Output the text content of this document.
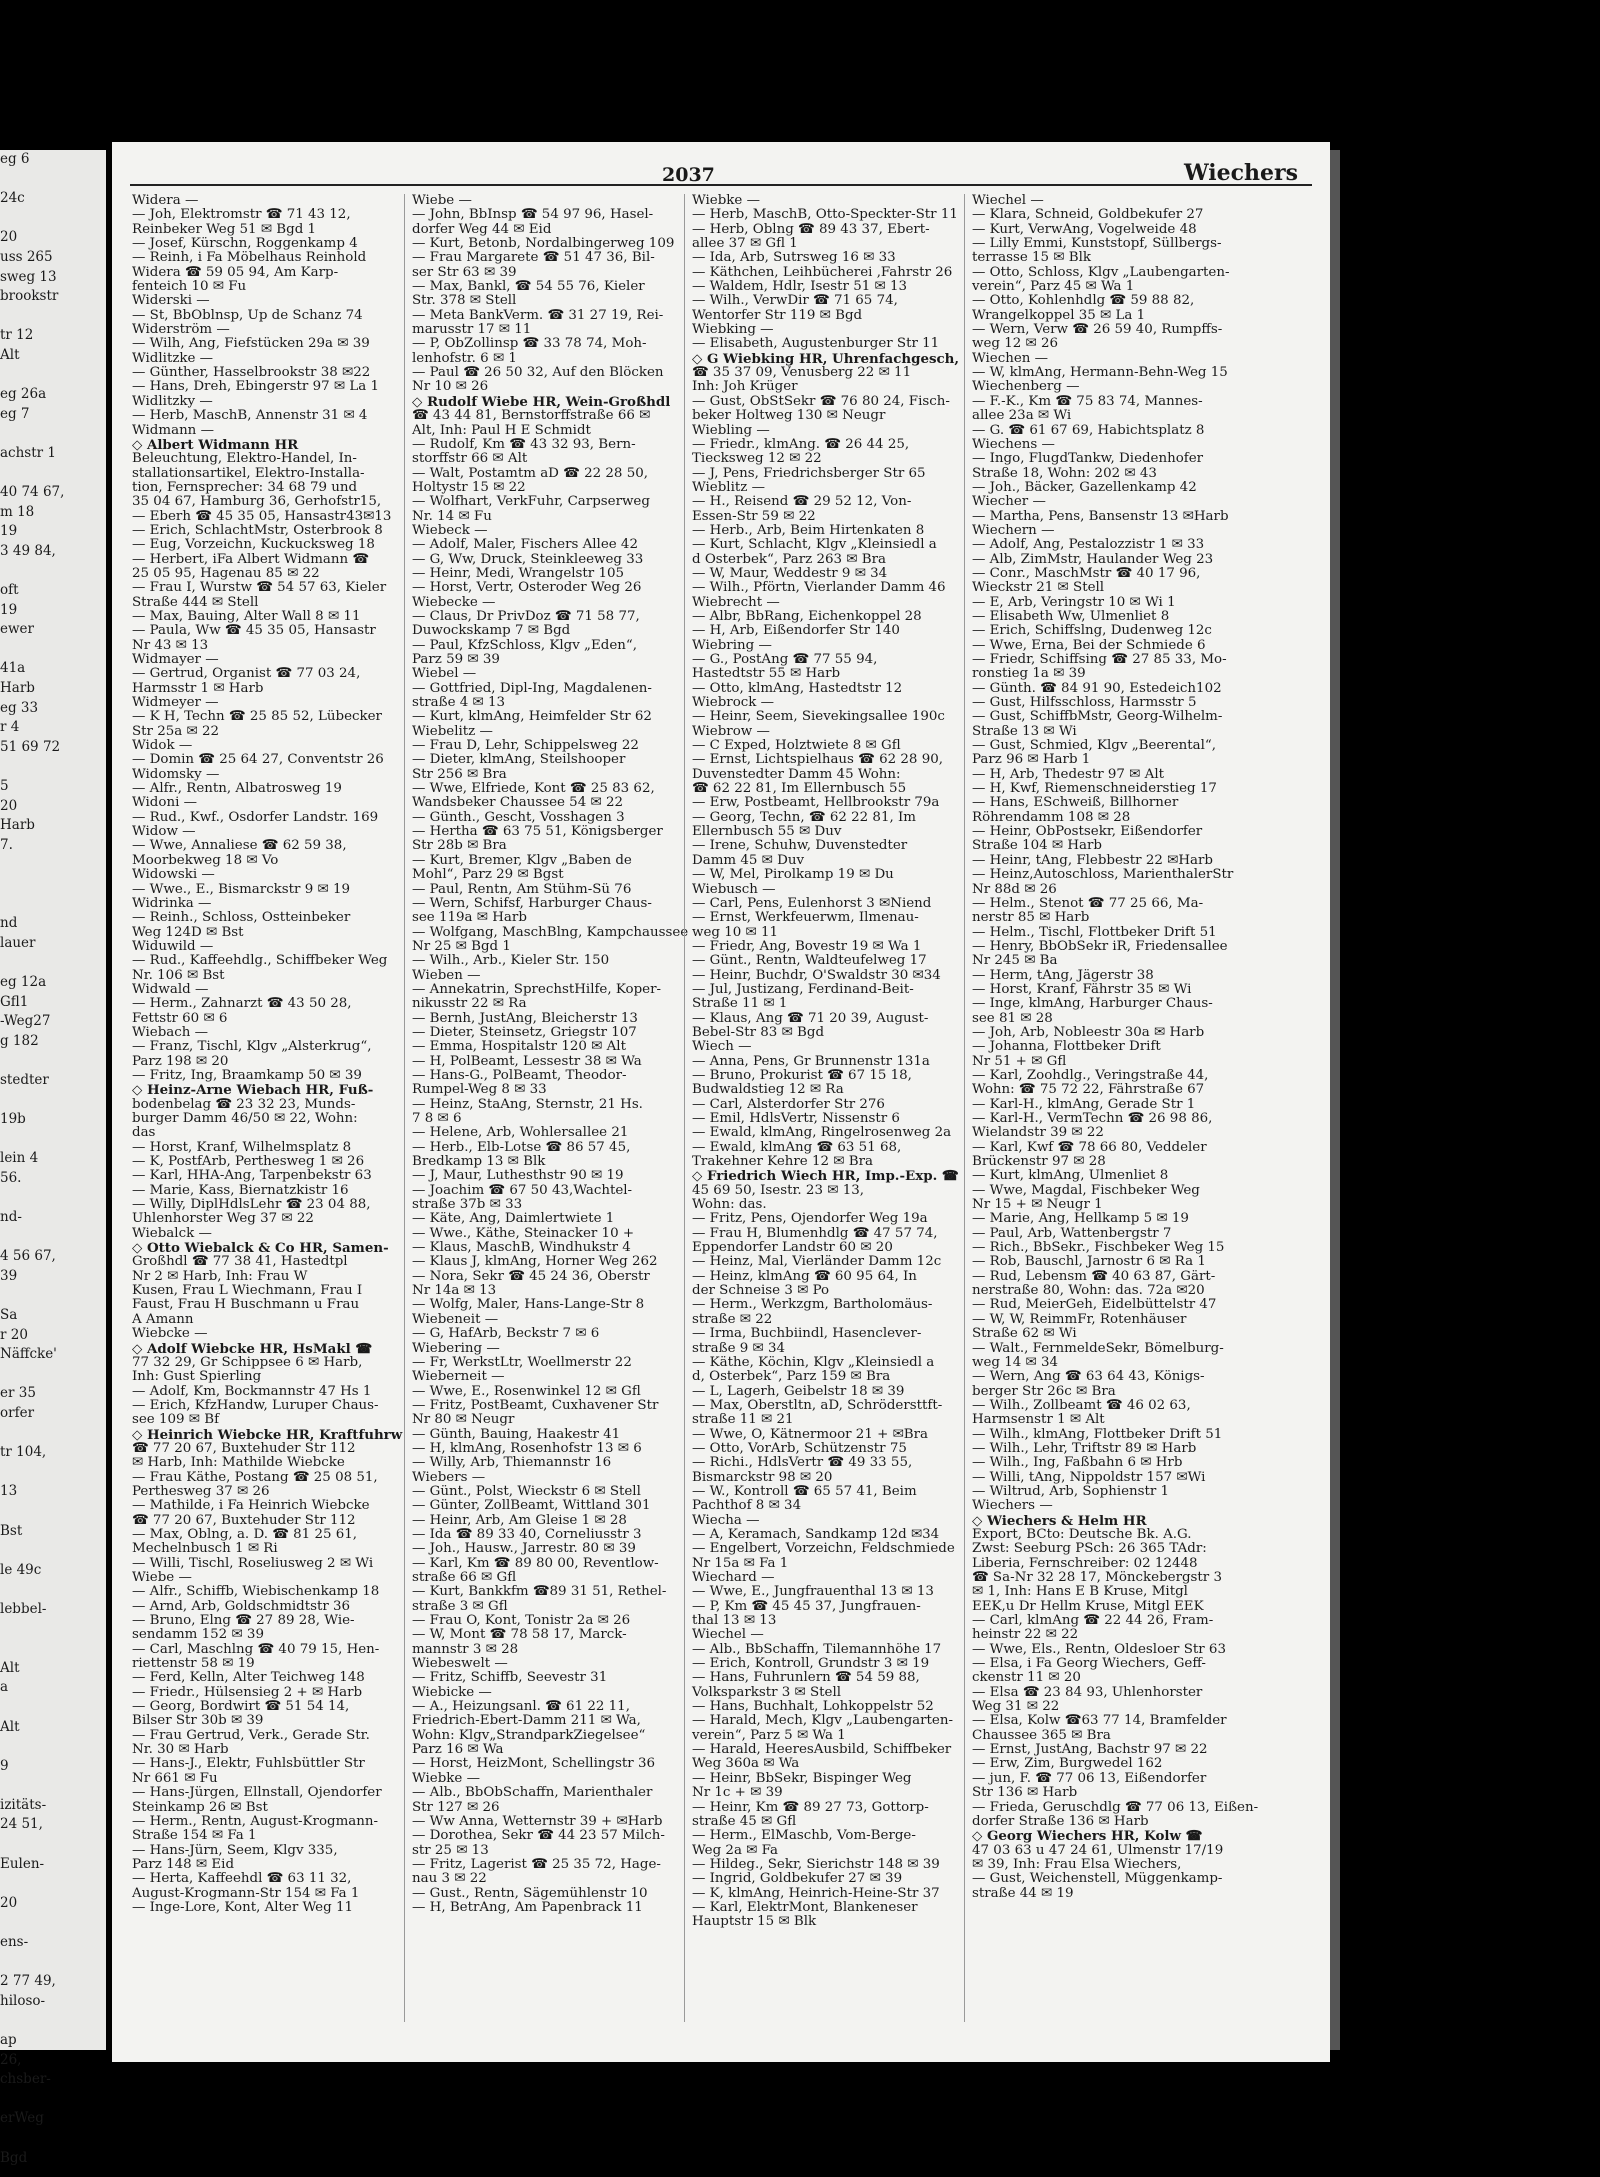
eg 6

24c

20
uss 265
sweg 13
brookstr

tr 12
Alt

eg 26a
eg 7

achstr 1

40 74 67,
m 18
19
3 49 84,

oft
19
ewer

41a
Harb
eg 33
r 4
51 69 72

5
20
Harb
7.

nd
lauer

eg 12a
Gfl1
-Weg27
g 182

stedter

19b

lein 4
56.

nd-

4 56 67,
39

Sa
r 20
Näffcke'

er 35
orfer

tr 104,

13

Bst

le 49c

lebbel-

Alt
a

Alt

9

izitäts-
24 51,

Eulen-

20

ens-

2 77 49,
hiloso-

ap
26,
chsber-

erWeg

Bgd
2037	Wiechers
Widera —
— Joh, Elektromstr ☎ 71 43 12,
Reinbeker Weg 51 ✉ Bgd 1
— Josef, Kürschn, Roggenkamp 4
— Reinh, i Fa Möbelhaus Reinhold
Widera ☎ 59 05 94, Am Karp-
fenteich 10 ✉ Fu
Widerski —
— St, BbOblnsp, Up de Schanz 74
Widerström —
— Wilh, Ang, Fiefstücken 29a ✉ 39
Widlitzke —
— Günther, Hasselbrookstr 38 ✉22
— Hans, Dreh, Ebingerstr 97 ✉ La 1
Widlitzky —
— Herb, MaschB, Annenstr 31 ✉ 4
Widmann —
◇ Albert Widmann HR
Beleuchtung, Elektro-Handel, In-
stallationsartikel, Elektro-Installa-
tion, Fernsprecher: 34 68 79 und
35 04 67, Hamburg 36, Gerhofstr15,
— Eberh ☎ 45 35 05, Hansastr43✉13
— Erich, SchlachtMstr, Osterbrook 8
— Eug, Vorzeichn, Kuckucksweg 18
— Herbert, iFa Albert Widmann ☎
25 05 95, Hagenau 85 ✉ 22
— Frau I, Wurstw ☎ 54 57 63, Kieler
Straße 444 ✉ Stell
— Max, Bauing, Alter Wall 8 ✉ 11
— Paula, Ww ☎ 45 35 05, Hansastr
Nr 43 ✉ 13
Widmayer —
— Gertrud, Organist ☎ 77 03 24,
Harmsstr 1 ✉ Harb
Widmeyer —
— K H, Techn ☎ 25 85 52, Lübecker
Str 25a ✉ 22
Widok —
— Domin ☎ 25 64 27, Conventstr 26
Widomsky —
— Alfr., Rentn, Albatrosweg 19
Widoni —
— Rud., Kwf., Osdorfer Landstr. 169
Widow —
— Wwe, Annaliese ☎ 62 59 38,
Moorbekweg 18 ✉ Vo
Widowski —
— Wwe., E., Bismarckstr 9 ✉ 19
Widrinka —
— Reinh., Schloss, Ostteinbeker
Weg 124D ✉ Bst
Widuwild —
— Rud., Kaffeehdlg., Schiffbeker Weg
Nr. 106 ✉ Bst
Widwald —
— Herm., Zahnarzt ☎ 43 50 28,
Fettstr 60 ✉ 6
Wiebach —
— Franz, Tischl, Klgv „Alsterkrug“,
Parz 198 ✉ 20
— Fritz, Ing, Braamkamp 50 ✉ 39
◇ Heinz-Arne Wiebach HR, Fuß-
bodenbelag ☎ 23 32 23, Munds-
burger Damm 46/50 ✉ 22, Wohn:
das
— Horst, Kranf, Wilhelmsplatz 8
— K, PostfArb, Perthesweg 1 ✉ 26
— Karl, HHA-Ang, Tarpenbekstr 63
— Marie, Kass, Biernatzkistr 16
— Willy, DiplHdlsLehr ☎ 23 04 88,
Uhlenhorster Weg 37 ✉ 22
Wiebalck —
◇ Otto Wiebalck & Co HR, Samen-
Großhdl ☎ 77 38 41, Hastedtpl
Nr 2 ✉ Harb, Inh: Frau W
Kusen, Frau L Wiechmann, Frau I
Faust, Frau H Buschmann u Frau
A Amann
Wiebcke —
◇ Adolf Wiebcke HR, HsMakl ☎
77 32 29, Gr Schippsee 6 ✉ Harb,
Inh: Gust Spierling
— Adolf, Km, Bockmannstr 47 Hs 1
— Erich, KfzHandw, Luruper Chaus-
see 109 ✉ Bf
◇ Heinrich Wiebcke HR, Kraftfuhrw
☎ 77 20 67, Buxtehuder Str 112
✉ Harb, Inh: Mathilde Wiebcke
— Frau Käthe, Postang ☎ 25 08 51,
Perthesweg 37 ✉ 26
— Mathilde, i Fa Heinrich Wiebcke
☎ 77 20 67, Buxtehuder Str 112
— Max, Oblng, a. D. ☎ 81 25 61,
Mechelnbusch 1 ✉ Ri
— Willi, Tischl, Roseliusweg 2 ✉ Wi
Wiebe —
— Alfr., Schiffb, Wiebischenkamp 18
— Arnd, Arb, Goldschmidtstr 36
— Bruno, Elng ☎ 27 89 28, Wie-
sendamm 152 ✉ 39
— Carl, Maschlng ☎ 40 79 15, Hen-
riettenstr 58 ✉ 19
— Ferd, Kelln, Alter Teichweg 148
— Friedr., Hülsensieg 2 + ✉ Harb
— Georg, Bordwirt ☎ 51 54 14,
Bilser Str 30b ✉ 39
— Frau Gertrud, Verk., Gerade Str.
Nr. 30 ✉ Harb
— Hans-J., Elektr, Fuhlsbüttler Str
Nr 661 ✉ Fu
— Hans-Jürgen, Ellnstall, Ojendorfer
Steinkamp 26 ✉ Bst
— Herm., Rentn, August-Krogmann-
Straße 154 ✉ Fa 1
— Hans-Jürn, Seem, Klgv 335,
Parz 148 ✉ Eid
— Herta, Kaffeehdl ☎ 63 11 32,
August-Krogmann-Str 154 ✉ Fa 1
— Inge-Lore, Kont, Alter Weg 11
Wiebe —
— John, BbInsp ☎ 54 97 96, Hasel-
dorfer Weg 44 ✉ Eid
— Kurt, Betonb, Nordalbingerweg 109
— Frau Margarete ☎ 51 47 36, Bil-
ser Str 63 ✉ 39
— Max, Bankl, ☎ 54 55 76, Kieler
Str. 378 ✉ Stell
— Meta BankVerm. ☎ 31 27 19, Rei-
marusstr 17 ✉ 11
— P, ObZollinsp ☎ 33 78 74, Moh-
lenhofstr. 6 ✉ 1
— Paul ☎ 26 50 32, Auf den Blöcken
Nr 10 ✉ 26
◇ Rudolf Wiebe HR, Wein-Großhdl
☎ 43 44 81, Bernstorffstraße 66 ✉
Alt, Inh: Paul H E Schmidt
— Rudolf, Km ☎ 43 32 93, Bern-
storffstr 66 ✉ Alt
— Walt, Postamtm aD ☎ 22 28 50,
Holtystr 15 ✉ 22
— Wolfhart, VerkFuhr, Carpserweg
Nr. 14 ✉ Fu
Wiebeck —
— Adolf, Maler, Fischers Allee 42
— G, Ww, Druck, Steinkleeweg 33
— Heinr, Medi, Wrangelstr 105
— Horst, Vertr, Osteroder Weg 26
Wiebecke —
— Claus, Dr PrivDoz ☎ 71 58 77,
Duwockskamp 7 ✉ Bgd
— Paul, KfzSchloss, Klgv „Eden“,
Parz 59 ✉ 39
Wiebel —
— Gottfried, Dipl-Ing, Magdalenen-
straße 4 ✉ 13
— Kurt, klmAng, Heimfelder Str 62
Wiebelitz —
— Frau D, Lehr, Schippelsweg 22
— Dieter, klmAng, Steilshooper
Str 256 ✉ Bra
— Wwe, Elfriede, Kont ☎ 25 83 62,
Wandsbeker Chaussee 54 ✉ 22
— Günth., Gescht, Vosshagen 3
— Hertha ☎ 63 75 51, Königsberger
Str 28b ✉ Bra
— Kurt, Bremer, Klgv „Baben de
Mohl“, Parz 29 ✉ Bgst
— Paul, Rentn, Am Stühm-Sü 76
— Wern, Schifsf, Harburger Chaus-
see 119a ✉ Harb
— Wolfgang, MaschBlng, Kampchaussee
Nr 25 ✉ Bgd 1
— Wilh., Arb., Kieler Str. 150
Wieben —
— Annekatrin, SprechstHilfe, Koper-
nikusstr 22 ✉ Ra
— Bernh, JustAng, Bleicherstr 13
— Dieter, Steinsetz, Griegstr 107
— Emma, Hospitalstr 120 ✉ Alt
— H, PolBeamt, Lessestr 38 ✉ Wa
— Hans-G., PolBeamt, Theodor-
Rumpel-Weg 8 ✉ 33
— Heinz, StaAng, Sternstr, 21 Hs.
7 8 ✉ 6
— Helene, Arb, Wohlersallee 21
— Herb., Elb-Lotse ☎ 86 57 45,
Bredkamp 13 ✉ Blk
— J, Maur, Luthesthstr 90 ✉ 19
— Joachim ☎ 67 50 43,Wachtel-
straße 37b ✉ 33
— Käte, Ang, Daimlertwiete 1
— Wwe., Käthe, Steinacker 10 +
— Klaus, MaschB, Windhukstr 4
— Klaus J, klmAng, Horner Weg 262
— Nora, Sekr ☎ 45 24 36, Oberstr
Nr 14a ✉ 13
— Wolfg, Maler, Hans-Lange-Str 8
Wiebeneit —
— G, HafArb, Beckstr 7 ✉ 6
Wiebering —
— Fr, WerkstLtr, Woellmerstr 22
Wieberneit —
— Wwe, E., Rosenwinkel 12 ✉ Gfl
— Fritz, PostBeamt, Cuxhavener Str
Nr 80 ✉ Neugr
— Günth, Bauing, Haakestr 41
— H, klmAng, Rosenhofstr 13 ✉ 6
— Willy, Arb, Thiemannstr 16
Wiebers —
— Günt., Polst, Wieckstr 6 ✉ Stell
— Günter, ZollBeamt, Wittland 301
— Heinr, Arb, Am Gleise 1 ✉ 28
— Ida ☎ 89 33 40, Corneliusstr 3
— Joh., Hausw., Jarrestr. 80 ✉ 39
— Karl, Km ☎ 89 80 00, Reventlow-
straße 66 ✉ Gfl
— Kurt, Bankkfm ☎89 31 51, Rethel-
straße 3 ✉ Gfl
— Frau O, Kont, Tonistr 2a ✉ 26
— W, Mont ☎ 78 58 17, Marck-
mannstr 3 ✉ 28
Wiebeswelt —
— Fritz, Schiffb, Seevestr 31
Wiebicke —
— A., Heizungsanl. ☎ 61 22 11,
Friedrich-Ebert-Damm 211 ✉ Wa,
Wohn: Klgv„StrandparkZiegelsee“
Parz 16 ✉ Wa
— Horst, HeizMont, Schellingstr 36
Wiebke —
— Alb., BbObSchaffn, Marienthaler
Str 127 ✉ 26
— Ww Anna, Wetternstr 39 + ✉Harb
— Dorothea, Sekr ☎ 44 23 57 Milch-
str 25 ✉ 13
— Fritz, Lagerist ☎ 25 35 72, Hage-
nau 3 ✉ 22
— Gust., Rentn, Sägemühlenstr 10
— H, BetrAng, Am Papenbrack 11
Wiebke —
— Herb, MaschB, Otto-Speckter-Str 11
— Herb, Oblng ☎ 89 43 37, Ebert-
allee 37 ✉ Gfl 1
— Ida, Arb, Sutrsweg 16 ✉ 33
— Käthchen, Leihbücherei ‚Fahrstr 26
— Waldem, Hdlr, Isestr 51 ✉ 13
— Wilh., VerwDir ☎ 71 65 74,
Wentorfer Str 119 ✉ Bgd
Wiebking —
— Elisabeth, Augustenburger Str 11
◇ G Wiebking HR, Uhrenfachgesch,
☎ 35 37 09, Venusberg 22 ✉ 11
Inh: Joh Krüger
— Gust, ObStSekr ☎ 76 80 24, Fisch-
beker Holtweg 130 ✉ Neugr
Wiebling —
— Friedr., klmAng. ☎ 26 44 25,
Tiecksweg 12 ✉ 22
— J, Pens, Friedrichsberger Str 65
Wieblitz —
— H., Reisend ☎ 29 52 12, Von-
Essen-Str 59 ✉ 22
— Herb., Arb, Beim Hirtenkaten 8
— Kurt, Schlacht, Klgv „Kleinsiedl a
d Osterbek“, Parz 263 ✉ Bra
— W, Maur, Weddestr 9 ✉ 34
— Wilh., Pförtn, Vierlander Damm 46
Wiebrecht —
— Albr, BbRang, Eichenkoppel 28
— H, Arb, Eißendorfer Str 140
Wiebring —
— G., PostAng ☎ 77 55 94,
Hastedtstr 55 ✉ Harb
— Otto, klmAng, Hastedtstr 12
Wiebrock —
— Heinr, Seem, Sievekingsallee 190c
Wiebrow —
— C Exped, Holztwiete 8 ✉ Gfl
— Ernst, Lichtspielhaus ☎ 62 28 90,
Duvenstedter Damm 45 Wohn:
☎ 62 22 81, Im Ellernbusch 55
— Erw, Postbeamt, Hellbrookstr 79a
— Georg, Techn, ☎ 62 22 81, Im
Ellernbusch 55 ✉ Duv
— Irene, Schuhw, Duvenstedter
Damm 45 ✉ Duv
— W, Mel, Pirolkamp 19 ✉ Du
Wiebusch —
— Carl, Pens, Eulenhorst 3 ✉Niend
— Ernst, Werkfeuerwm, Ilmenau-
weg 10 ✉ 11
— Friedr, Ang, Bovestr 19 ✉ Wa 1
— Günt., Rentn, Waldteufelweg 17
— Heinr, Buchdr, O'Swaldstr 30 ✉34
— Jul, Justizang, Ferdinand-Beit-
Straße 11 ✉ 1
— Klaus, Ang ☎ 71 20 39, August-
Bebel-Str 83 ✉ Bgd
Wiech —
— Anna, Pens, Gr Brunnenstr 131a
— Bruno, Prokurist ☎ 67 15 18,
Budwaldstieg 12 ✉ Ra
— Carl, Alsterdorfer Str 276
— Emil, HdlsVertr, Nissenstr 6
— Ewald, klmAng, Ringelrosenweg 2a
— Ewald, klmAng ☎ 63 51 68,
Trakehner Kehre 12 ✉ Bra
◇ Friedrich Wiech HR, Imp.-Exp. ☎
45 69 50, Isestr. 23 ✉ 13,
Wohn: das.
— Fritz, Pens, Ojendorfer Weg 19a
— Frau H, Blumenhdlg ☎ 47 57 74,
Eppendorfer Landstr 60 ✉ 20
— Heinz, Mal, Vierländer Damm 12c
— Heinz, klmAng ☎ 60 95 64, In
der Schneise 3 ✉ Po
— Herm., Werkzgm, Bartholomäus-
straße ✉ 22
— Irma, Buchbiindl, Hasenclever-
straße 9 ✉ 34
— Käthe, Köchin, Klgv „Kleinsiedl a
d, Osterbek“, Parz 159 ✉ Bra
— L, Lagerh, Geibelstr 18 ✉ 39
— Max, Oberstltn, aD, Schrödersttft-
straße 11 ✉ 21
— Wwe, O, Kätnermoor 21 + ✉Bra
— Otto, VorArb, Schützenstr 75
— Richi., HdlsVertr ☎ 49 33 55,
Bismarckstr 98 ✉ 20
— W., Kontroll ☎ 65 57 41, Beim
Pachthof 8 ✉ 34
Wiecha —
— A, Keramach, Sandkamp 12d ✉34
— Engelbert, Vorzeichn, Feldschmiede
Nr 15a ✉ Fa 1
Wiechard —
— Wwe, E., Jungfrauenthal 13 ✉ 13
— P, Km ☎ 45 45 37, Jungfrauen-
thal 13 ✉ 13
Wiechel —
— Alb., BbSchaffn, Tilemannhöhe 17
— Erich, Kontroll, Grundstr 3 ✉ 19
— Hans, Fuhrunlern ☎ 54 59 88,
Volksparkstr 3 ✉ Stell
— Hans, Buchhalt, Lohkoppelstr 52
— Harald, Mech, Klgv „Laubengarten-
verein“, Parz 5 ✉ Wa 1
— Harald, HeeresAusbild, Schiffbeker
Weg 360a ✉ Wa
— Heinr, BbSekr, Bispinger Weg
Nr 1c + ✉ 39
— Heinr, Km ☎ 89 27 73, Gottorp-
straße 45 ✉ Gfl
— Herm., ElMaschb, Vom-Berge-
Weg 2a ✉ Fa
— Hildeg., Sekr, Sierichstr 148 ✉ 39
— Ingrid, Goldbekufer 27 ✉ 39
— K, klmAng, Heinrich-Heine-Str 37
— Karl, ElektrMont, Blankeneser
Hauptstr 15 ✉ Blk
Wiechel —
— Klara, Schneid, Goldbekufer 27
— Kurt, VerwAng, Vogelweide 48
— Lilly Emmi, Kunststopf, Süllbergs-
terrasse 15 ✉ Blk
— Otto, Schloss, Klgv „Laubengarten-
verein“, Parz 45 ✉ Wa 1
— Otto, Kohlenhdlg ☎ 59 88 82,
Wrangelkoppel 35 ✉ La 1
— Wern, Verw ☎ 26 59 40, Rumpffs-
weg 12 ✉ 26
Wiechen —
— W, klmAng, Hermann-Behn-Weg 15
Wiechenberg —
— F.-K., Km ☎ 75 83 74, Mannes-
allee 23a ✉ Wi
— G. ☎ 61 67 69, Habichtsplatz 8
Wiechens —
— Ingo, FlugdTankw, Diedenhofer
Straße 18, Wohn: 202 ✉ 43
— Joh., Bäcker, Gazellenkamp 42
Wiecher —
— Martha, Pens, Bansenstr 13 ✉Harb
Wiechern —
— Adolf, Ang, Pestalozzistr 1 ✉ 33
— Alb, ZimMstr, Haulander Weg 23
— Conr., MaschMstr ☎ 40 17 96,
Wieckstr 21 ✉ Stell
— E, Arb, Veringstr 10 ✉ Wi 1
— Elisabeth Ww, Ulmenliet 8
— Erich, Schiffslng, Dudenweg 12c
— Wwe, Erna, Bei der Schmiede 6
— Friedr, Schiffsing ☎ 27 85 33, Mo-
ronstieg 1a ✉ 39
— Günth. ☎ 84 91 90, Estedeich102
— Gust, Hilfsschloss, Harmsstr 5
— Gust, SchiffbMstr, Georg-Wilhelm-
Straße 13 ✉ Wi
— Gust, Schmied, Klgv „Beerental“,
Parz 96 ✉ Harb 1
— H, Arb, Thedestr 97 ✉ Alt
— H, Kwf, Riemenschneiderstieg 17
— Hans, ESchweiß, Billhorner
Röhrendamm 108 ✉ 28
— Heinr, ObPostsekr, Eißendorfer
Straße 104 ✉ Harb
— Heinr, tAng, Flebbestr 22 ✉Harb
— Heinz,Autoschloss, MarienthalerStr
Nr 88d ✉ 26
— Helm., Stenot ☎ 77 25 66, Ma-
nerstr 85 ✉ Harb
— Helm., Tischl, Flottbeker Drift 51
— Henry, BbObSekr iR, Friedensallee
Nr 245 ✉ Ba
— Herm, tAng, Jägerstr 38
— Horst, Kranf, Fährstr 35 ✉ Wi
— Inge, klmAng, Harburger Chaus-
see 81 ✉ 28
— Joh, Arb, Nobleestr 30a ✉ Harb
— Johanna, Flottbeker Drift
Nr 51 + ✉ Gfl
— Karl, Zoohdlg., Veringstraße 44,
Wohn: ☎ 75 72 22, Fährstraße 67
— Karl-H., klmAng, Gerade Str 1
— Karl-H., VermTechn ☎ 26 98 86,
Wielandstr 39 ✉ 22
— Karl, Kwf ☎ 78 66 80, Veddeler
Brückenstr 97 ✉ 28
— Kurt, klmAng, Ulmenliet 8
— Wwe, Magdal, Fischbeker Weg
Nr 15 + ✉ Neugr 1
— Marie, Ang, Hellkamp 5 ✉ 19
— Paul, Arb, Wattenbergstr 7
— Rich., BbSekr., Fischbeker Weg 15
— Rob, Bauschl, Jarnostr 6 ✉ Ra 1
— Rud, Lebensm ☎ 40 63 87, Gärt-
nerstraße 80, Wohn: das. 72a ✉20
— Rud, MeierGeh, Eidelbüttelstr 47
— W, W, ReimmFr, Rotenhäuser
Straße 62 ✉ Wi
— Walt., FernmeldeSekr, Bömelburg-
weg 14 ✉ 34
— Wern, Ang ☎ 63 64 43, Königs-
berger Str 26c ✉ Bra
— Wilh., Zollbeamt ☎ 46 02 63,
Harmsenstr 1 ✉ Alt
— Wilh., klmAng, Flottbeker Drift 51
— Wilh., Lehr, Triftstr 89 ✉ Harb
— Wilh., Ing, Faßbahn 6 ✉ Hrb
— Willi, tAng, Nippoldstr 157 ✉Wi
— Wiltrud, Arb, Sophienstr 1
Wiechers —
◇ Wiechers & Helm HR
Export, BCto: Deutsche Bk. A.G.
Zwst: Seeburg PSch: 26 365 TAdr:
Liberia, Fernschreiber: 02 12448
☎ Sa-Nr 32 28 17, Mönckebergstr 3
✉ 1, Inh: Hans E B Kruse, Mitgl
EEK,u Dr Hellm Kruse, Mitgl EEK
— Carl, klmAng ☎ 22 44 26, Fram-
heinstr 22 ✉ 22
— Wwe, Els., Rentn, Oldesloer Str 63
— Elsa, i Fa Georg Wiechers, Geff-
ckenstr 11 ✉ 20
— Elsa ☎ 23 84 93, Uhlenhorster
Weg 31 ✉ 22
— Elsa, Kolw ☎63 77 14, Bramfelder
Chaussee 365 ✉ Bra
— Ernst, JustAng, Bachstr 97 ✉ 22
— Erw, Zim, Burgwedel 162
— jun, F. ☎ 77 06 13, Eißendorfer
Str 136 ✉ Harb
— Frieda, Geruschdlg ☎ 77 06 13, Eißen-
dorfer Straße 136 ✉ Harb
◇ Georg Wiechers HR, Kolw ☎
47 03 63 u 47 24 61, Ulmenstr 17/19
✉ 39, Inh: Frau Elsa Wiechers,
— Gust, Weichenstell, Müggenkamp-
straße 44 ✉ 19
